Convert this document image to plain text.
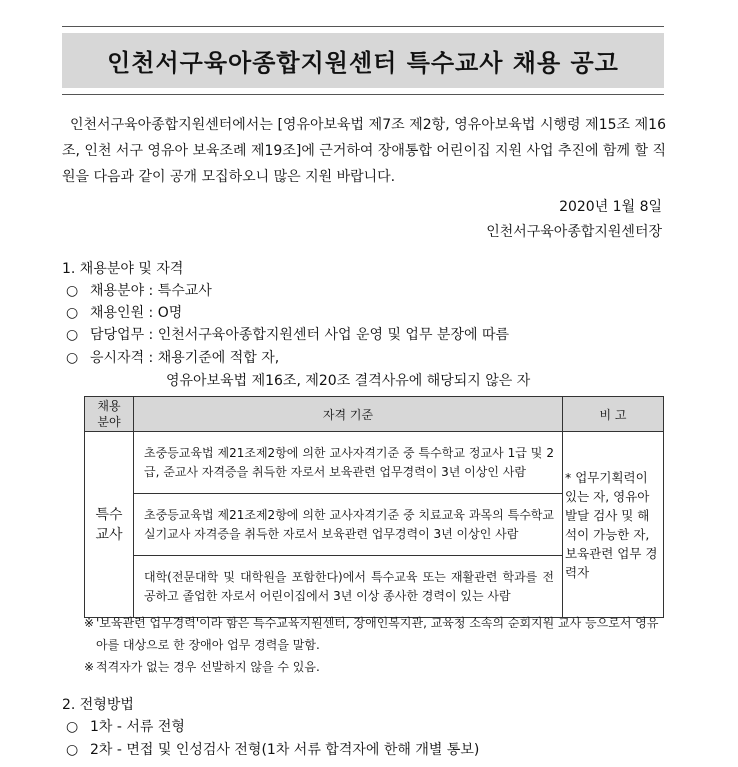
인천서구육아종합지원센터 특수교사 채용 공고
인천서구육아종합지원센터에서는 [영유아보육법 제7조 제2항, 영유아보육법 시행령 제15조 제16조, 인천 서구 영유아 보육조례 제19조]에 근거하여 장애통합 어린이집 지원 사업 추진에 함께 할 직원을 다음과 같이 공개 모집하오니 많은 지원 바랍니다.
2020년 1월 8일
인천서구육아종합지원센터장
1. 채용분야 및 자격
○ 채용분야 : 특수교사
○ 채용인원 : O명
○ 담당업무 : 인천서구육아종합지원센터 사업 운영 및 업무 분장에 따름
○ 응시자격 : 채용기준에 적합 자,
영유아보육법 제16조, 제20조 결격사유에 해당되지 않은 자
채용
분야	자격 기준	비 고
특수
교사	초중등교육법 제21조제2항에 의한 교사자격기준 중 특수학교 정교사 1급 및 2급, 준교사 자격증을 취득한 자로서 보육관련 업무경력이 3년 이상인 사람	* 업무기획력이 있는 자, 영유아발달 검사 및 해석이 가능한 자, 보육관련 업무 경력자
	초중등교육법 제21조제2항에 의한 교사자격기준 중 치료교육 과목의 특수학교 실기교사 자격증을 취득한 자로서 보육관련 업무경력이 3년 이상인 사람	
	대학(전문대학 및 대학원을 포함한다)에서 특수교육 또는 재활관련 학과를 전공하고 졸업한 자로서 어린이집에서 3년 이상 종사한 경력이 있는 사람	
※ '보육관련 업무경력'이라 함은 특수교육지원센터, 장애인복지관, 교육청 소속의 순회지원 교사 등으로서 영유아를 대상으로 한 장애아 업무 경력을 말함.
※ 적격자가 없는 경우 선발하지 않을 수 있음.
2. 전형방법
○ 1차 - 서류 전형
○ 2차 - 면접 및 인성검사 전형(1차 서류 합격자에 한해 개별 통보)
